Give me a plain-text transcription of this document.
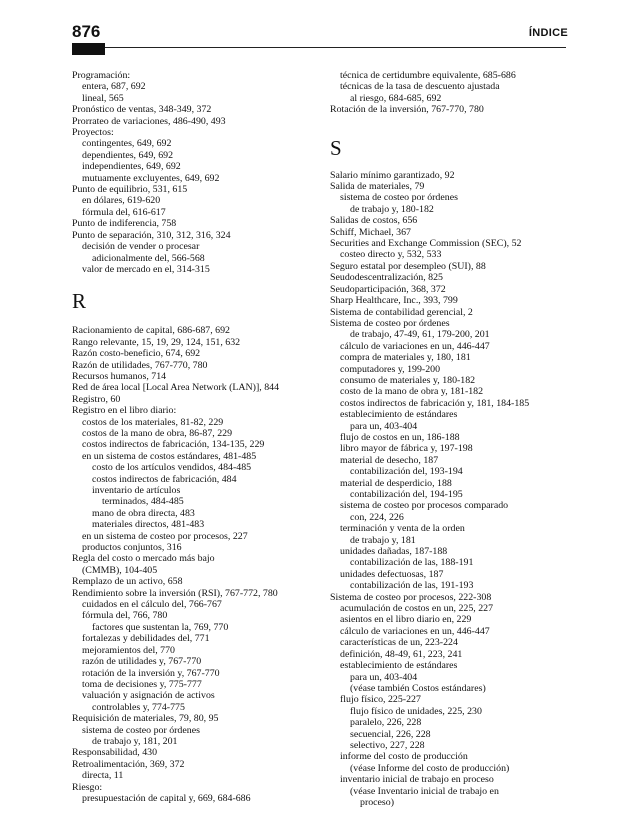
876	ÍNDICE
Programación:
entera, 687, 692
lineal, 565
Pronóstico de ventas, 348-349, 372
Prorrateo de variaciones, 486-490, 493
Proyectos:
contingentes, 649, 692
dependientes, 649, 692
independientes, 649, 692
mutuamente excluyentes, 649, 692
Punto de equilibrio, 531, 615
en dólares, 619-620
fórmula del, 616-617
Punto de indiferencia, 758
Punto de separación, 310, 312, 316, 324
decisión de vender o procesar
adicionalmente del, 566-568
valor de mercado en el, 314-315
R
Racionamiento de capital, 686-687, 692
Rango relevante, 15, 19, 29, 124, 151, 632
Razón costo-beneficio, 674, 692
Razón de utilidades, 767-770, 780
Recursos humanos, 714
Red de área local [Local Area Network (LAN)], 844
Registro, 60
Registro en el libro diario:
costos de los materiales, 81-82, 229
costos de la mano de obra, 86-87, 229
costos indirectos de fabricación, 134-135, 229
en un sistema de costos estándares, 481-485
costo de los artículos vendidos, 484-485
costos indirectos de fabricación, 484
inventario de artículos
terminados, 484-485
mano de obra directa, 483
materiales directos, 481-483
en un sistema de costeo por procesos, 227
productos conjuntos, 316
Regla del costo o mercado más bajo
(CMMB), 104-405
Remplazo de un activo, 658
Rendimiento sobre la inversión (RSI), 767-772, 780
cuidados en el cálculo del, 766-767
fórmula del, 766, 780
factores que sustentan la, 769, 770
fortalezas y debilidades del, 771
mejoramientos del, 770
razón de utilidades y, 767-770
rotación de la inversión y, 767-770
toma de decisiones y, 775-777
valuación y asignación de activos
controlables y, 774-775
Requisición de materiales, 79, 80, 95
sistema de costeo por órdenes
de trabajo y, 181, 201
Responsabilidad, 430
Retroalimentación, 369, 372
directa, 11
Riesgo:
presupuestación de capital y, 669, 684-686
técnica de certidumbre equivalente, 685-686
técnicas de la tasa de descuento ajustada
al riesgo, 684-685, 692
Rotación de la inversión, 767-770, 780
S
Salario mínimo garantizado, 92
Salida de materiales, 79
sistema de costeo por órdenes
de trabajo y, 180-182
Salidas de costos, 656
Schiff, Michael, 367
Securities and Exchange Commission (SEC), 52
costeo directo y, 532, 533
Seguro estatal por desempleo (SUI), 88
Seudodescentralización, 825
Seudoparticipación, 368, 372
Sharp Healthcare, Inc., 393, 799
Sistema de contabilidad gerencial, 2
Sistema de costeo por órdenes
de trabajo, 47-49, 61, 179-200, 201
cálculo de variaciones en un, 446-447
compra de materiales y, 180, 181
computadores y, 199-200
consumo de materiales y, 180-182
costo de la mano de obra y, 181-182
costos indirectos de fabricación y, 181, 184-185
establecimiento de estándares
para un, 403-404
flujo de costos en un, 186-188
libro mayor de fábrica y, 197-198
material de desecho, 187
contabilización del, 193-194
material de desperdicio, 188
contabilización del, 194-195
sistema de costeo por procesos comparado
con, 224, 226
terminación y venta de la orden
de trabajo y, 181
unidades dañadas, 187-188
contabilización de las, 188-191
unidades defectuosas, 187
contabilización de las, 191-193
Sistema de costeo por procesos, 222-308
acumulación de costos en un, 225, 227
asientos en el libro diario en, 229
cálculo de variaciones en un, 446-447
características de un, 223-224
definición, 48-49, 61, 223, 241
establecimiento de estándares
para un, 403-404
(véase también Costos estándares)
flujo físico, 225-227
flujo físico de unidades, 225, 230
paralelo, 226, 228
secuencial, 226, 228
selectivo, 227, 228
informe del costo de producción
(véase Informe del costo de producción)
inventario inicial de trabajo en proceso
(véase Inventario inicial de trabajo en
proceso)
